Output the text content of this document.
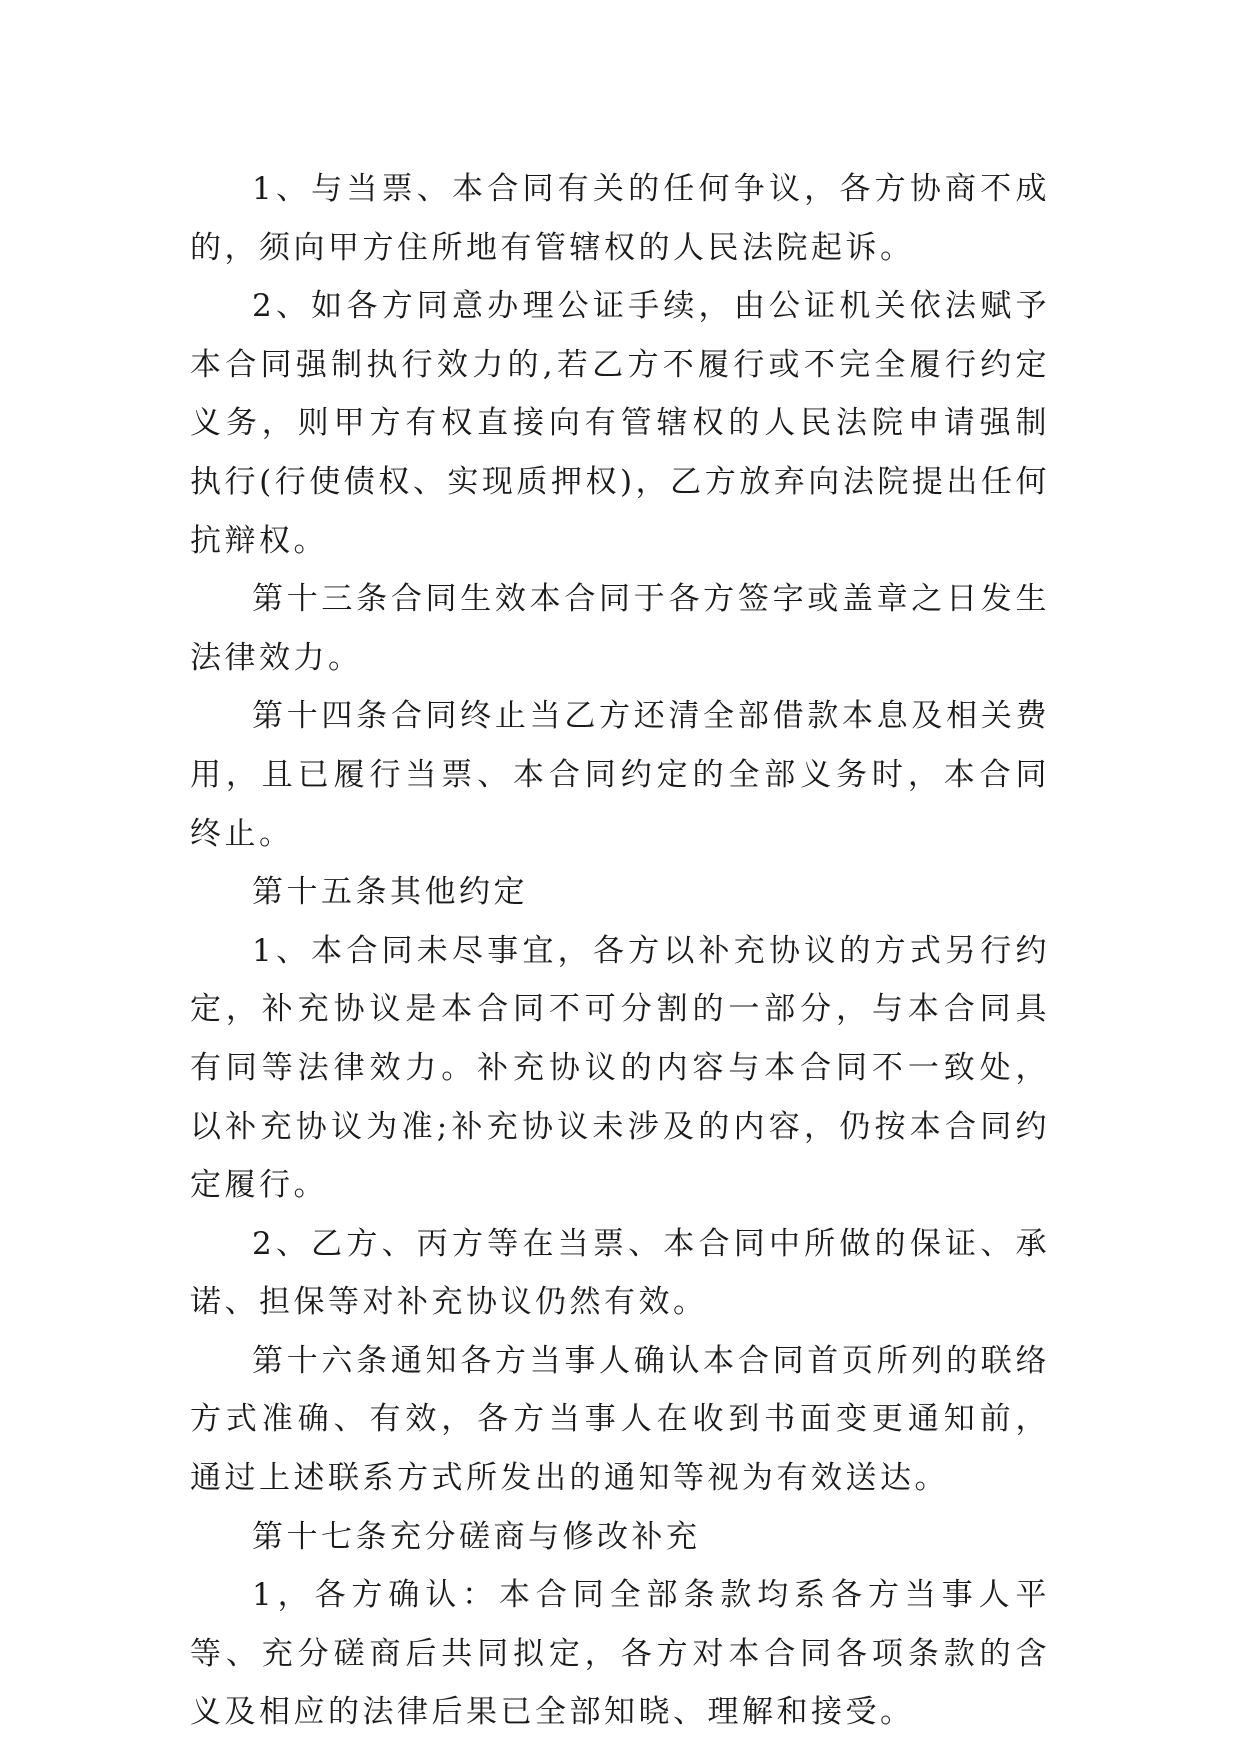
1、与当票、本合同有关的任何争议，各方协商不成的，须向甲方住所地有管辖权的人民法院起诉。

2、如各方同意办理公证手续，由公证机关依法赋予本合同强制执行效力的,若乙方不履行或不完全履行约定义务，则甲方有权直接向有管辖权的人民法院申请强制执行(行使债权、实现质押权)，乙方放弃向法院提出任何抗辩权。

第十三条合同生效本合同于各方签字或盖章之日发生法律效力。

第十四条合同终止当乙方还清全部借款本息及相关费用，且已履行当票、本合同约定的全部义务时，本合同终止。

第十五条其他约定

1、本合同未尽事宜，各方以补充协议的方式另行约定，补充协议是本合同不可分割的一部分，与本合同具有同等法律效力。补充协议的内容与本合同不一致处，以补充协议为准;补充协议未涉及的内容，仍按本合同约定履行。

2、乙方、丙方等在当票、本合同中所做的保证、承诺、担保等对补充协议仍然有效。

第十六条通知各方当事人确认本合同首页所列的联络方式准确、有效，各方当事人在收到书面变更通知前，通过上述联系方式所发出的通知等视为有效送达。

第十七条充分磋商与修改补充

1，各方确认：本合同全部条款均系各方当事人平等、充分磋商后共同拟定，各方对本合同各项条款的含义及相应的法律后果已全部知晓、理解和接受。
